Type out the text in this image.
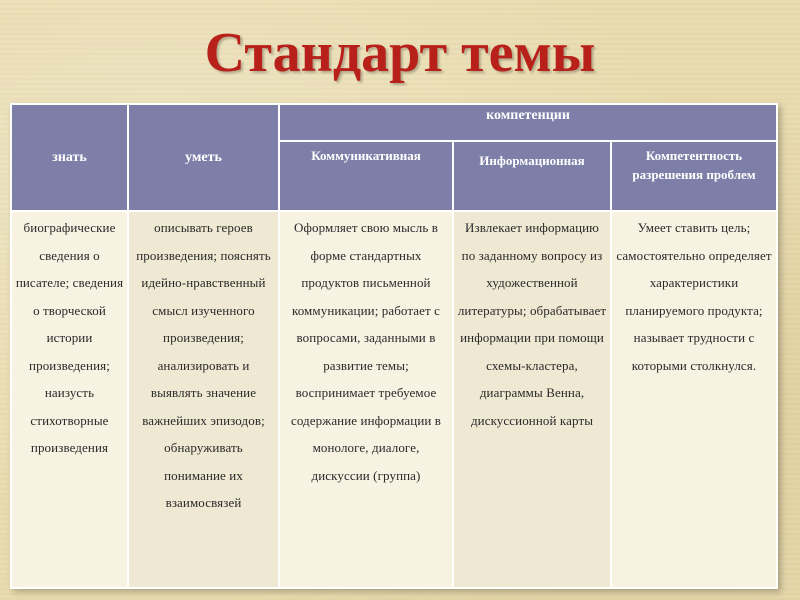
Стандарт темы
знать	уметь	компетенции		
		Коммуникативная	Информационная	Компетентность разрешения проблем
биографические сведения о писателе; сведения о творческой истории произведения; наизусть стихотворные произведения	описывать героев произведения; пояснять идейно-нравственный смысл изученного произведения; анализировать и выявлять значение важнейших эпизодов; обнаруживать понимание их взаимосвязей	Оформляет свою мысль в форме стандартных продуктов письменной коммуникации; работает с вопросами, заданными в развитие темы; воспринимает требуемое содержание информации в монологе, диалоге, дискуссии (группа)	Извлекает информацию по заданному вопросу из художественной литературы; обрабатывает информации при помощи схемы-кластера, диаграммы Венна, дискуссионной карты	Умеет ставить цель; самостоятельно определяет характеристики планируемого продукта; называет трудности с которыми столкнулся.
